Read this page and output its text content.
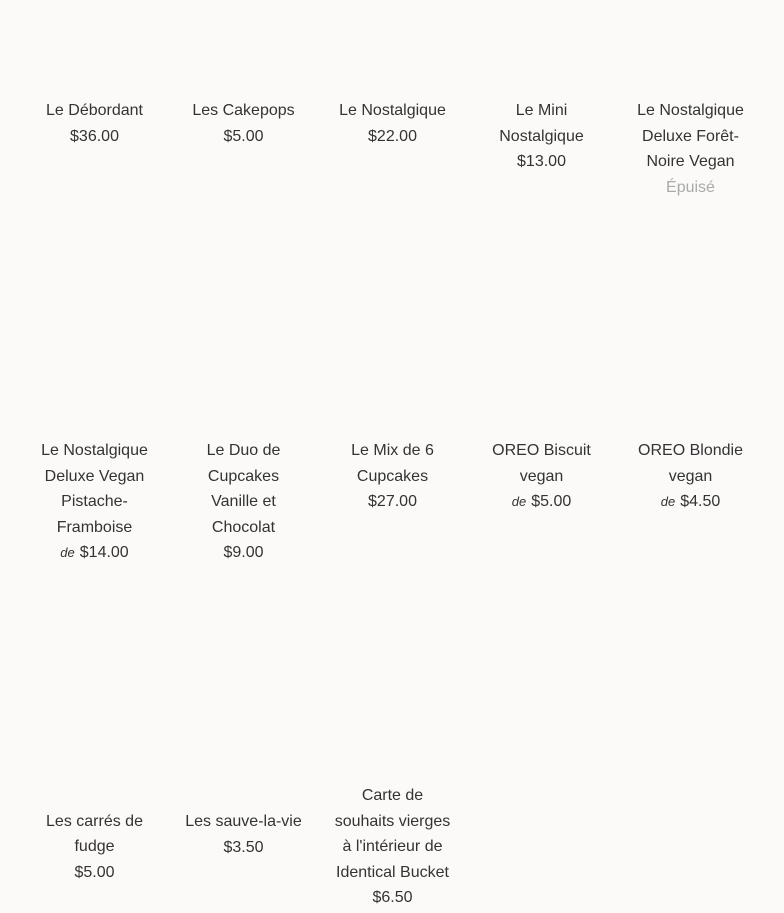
Le Débordant
$36.00
Les Cakepops
$5.00
Le Nostalgique
$22.00
Le Mini
Nostalgique
$13.00
Le Nostalgique
Deluxe Forêt-
Noire Vegan
Épuisé
Le Nostalgique
Deluxe Vegan
Pistache-
Framboise
de $14.00
Le Duo de
Cupcakes
Vanille et
Chocolat
$9.00
Le Mix de 6
Cupcakes
$27.00
OREO Biscuit
vegan
de $5.00
OREO Blondie
vegan
de $4.50
Les carrés de
fudge
$5.00
Les sauve-la-vie
$3.50
Carte de
souhaits vierges
à l'intérieur de
Identical Bucket
$6.50
